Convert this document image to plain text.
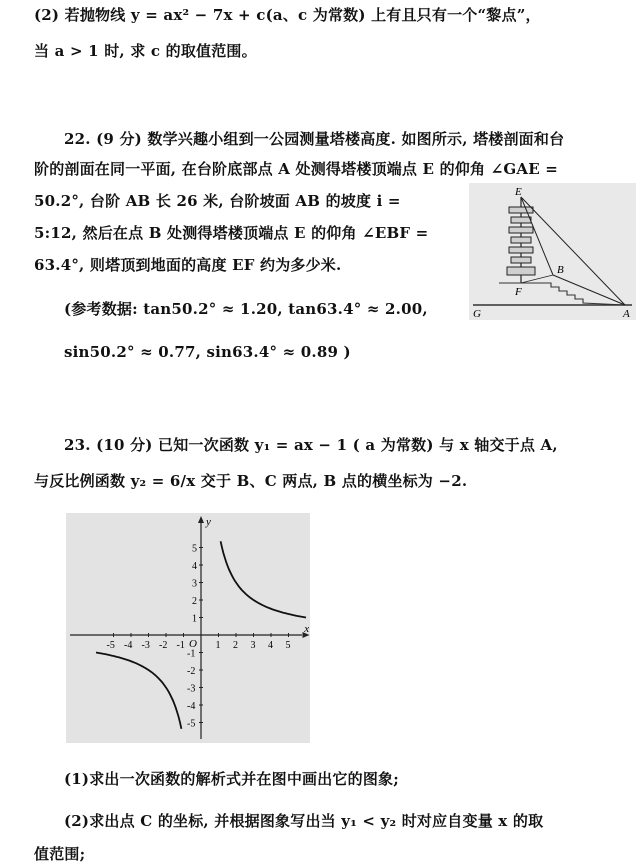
(2) 若抛物线 y = ax² − 7x + c(a、c 为常数) 上有且只有一个“黎点”，
当 a > 1 时, 求 c 的取值范围。
22. (9 分) 数学兴趣小组到一公园测量塔楼高度. 如图所示, 塔楼剖面和台
阶的剖面在同一平面, 在台阶底部点 A 处测得塔楼顶端点 E 的仰角 ∠GAE =
50.2°, 台阶 AB 长 26 米, 台阶坡面 AB 的坡度 i =
5:12, 然后在点 B 处测得塔楼顶端点 E 的仰角 ∠EBF =
63.4°, 则塔顶到地面的高度 EF 约为多少米.
(参考数据: tan50.2° ≈ 1.20, tan63.4° ≈ 2.00,
sin50.2° ≈ 0.77, sin63.4° ≈ 0.89 )
E
B
F
G	A
23. (10 分) 已知一次函数 y₁ = ax − 1 ( a 为常数) 与 x 轴交于点 A,
与反比例函数 y₂ = 6/x 交于 B、C 两点, B 点的横坐标为 −2.
x
y
O
-5 -4 -3 -2 -1	1 2 3 4 5
5
4
3
2
1
-1
-2
-3
-4
-5
(1)求出一次函数的解析式并在图中画出它的图象;
(2)求出点 C 的坐标, 并根据图象写出当 y₁ < y₂ 时对应自变量 x 的取
值范围;
